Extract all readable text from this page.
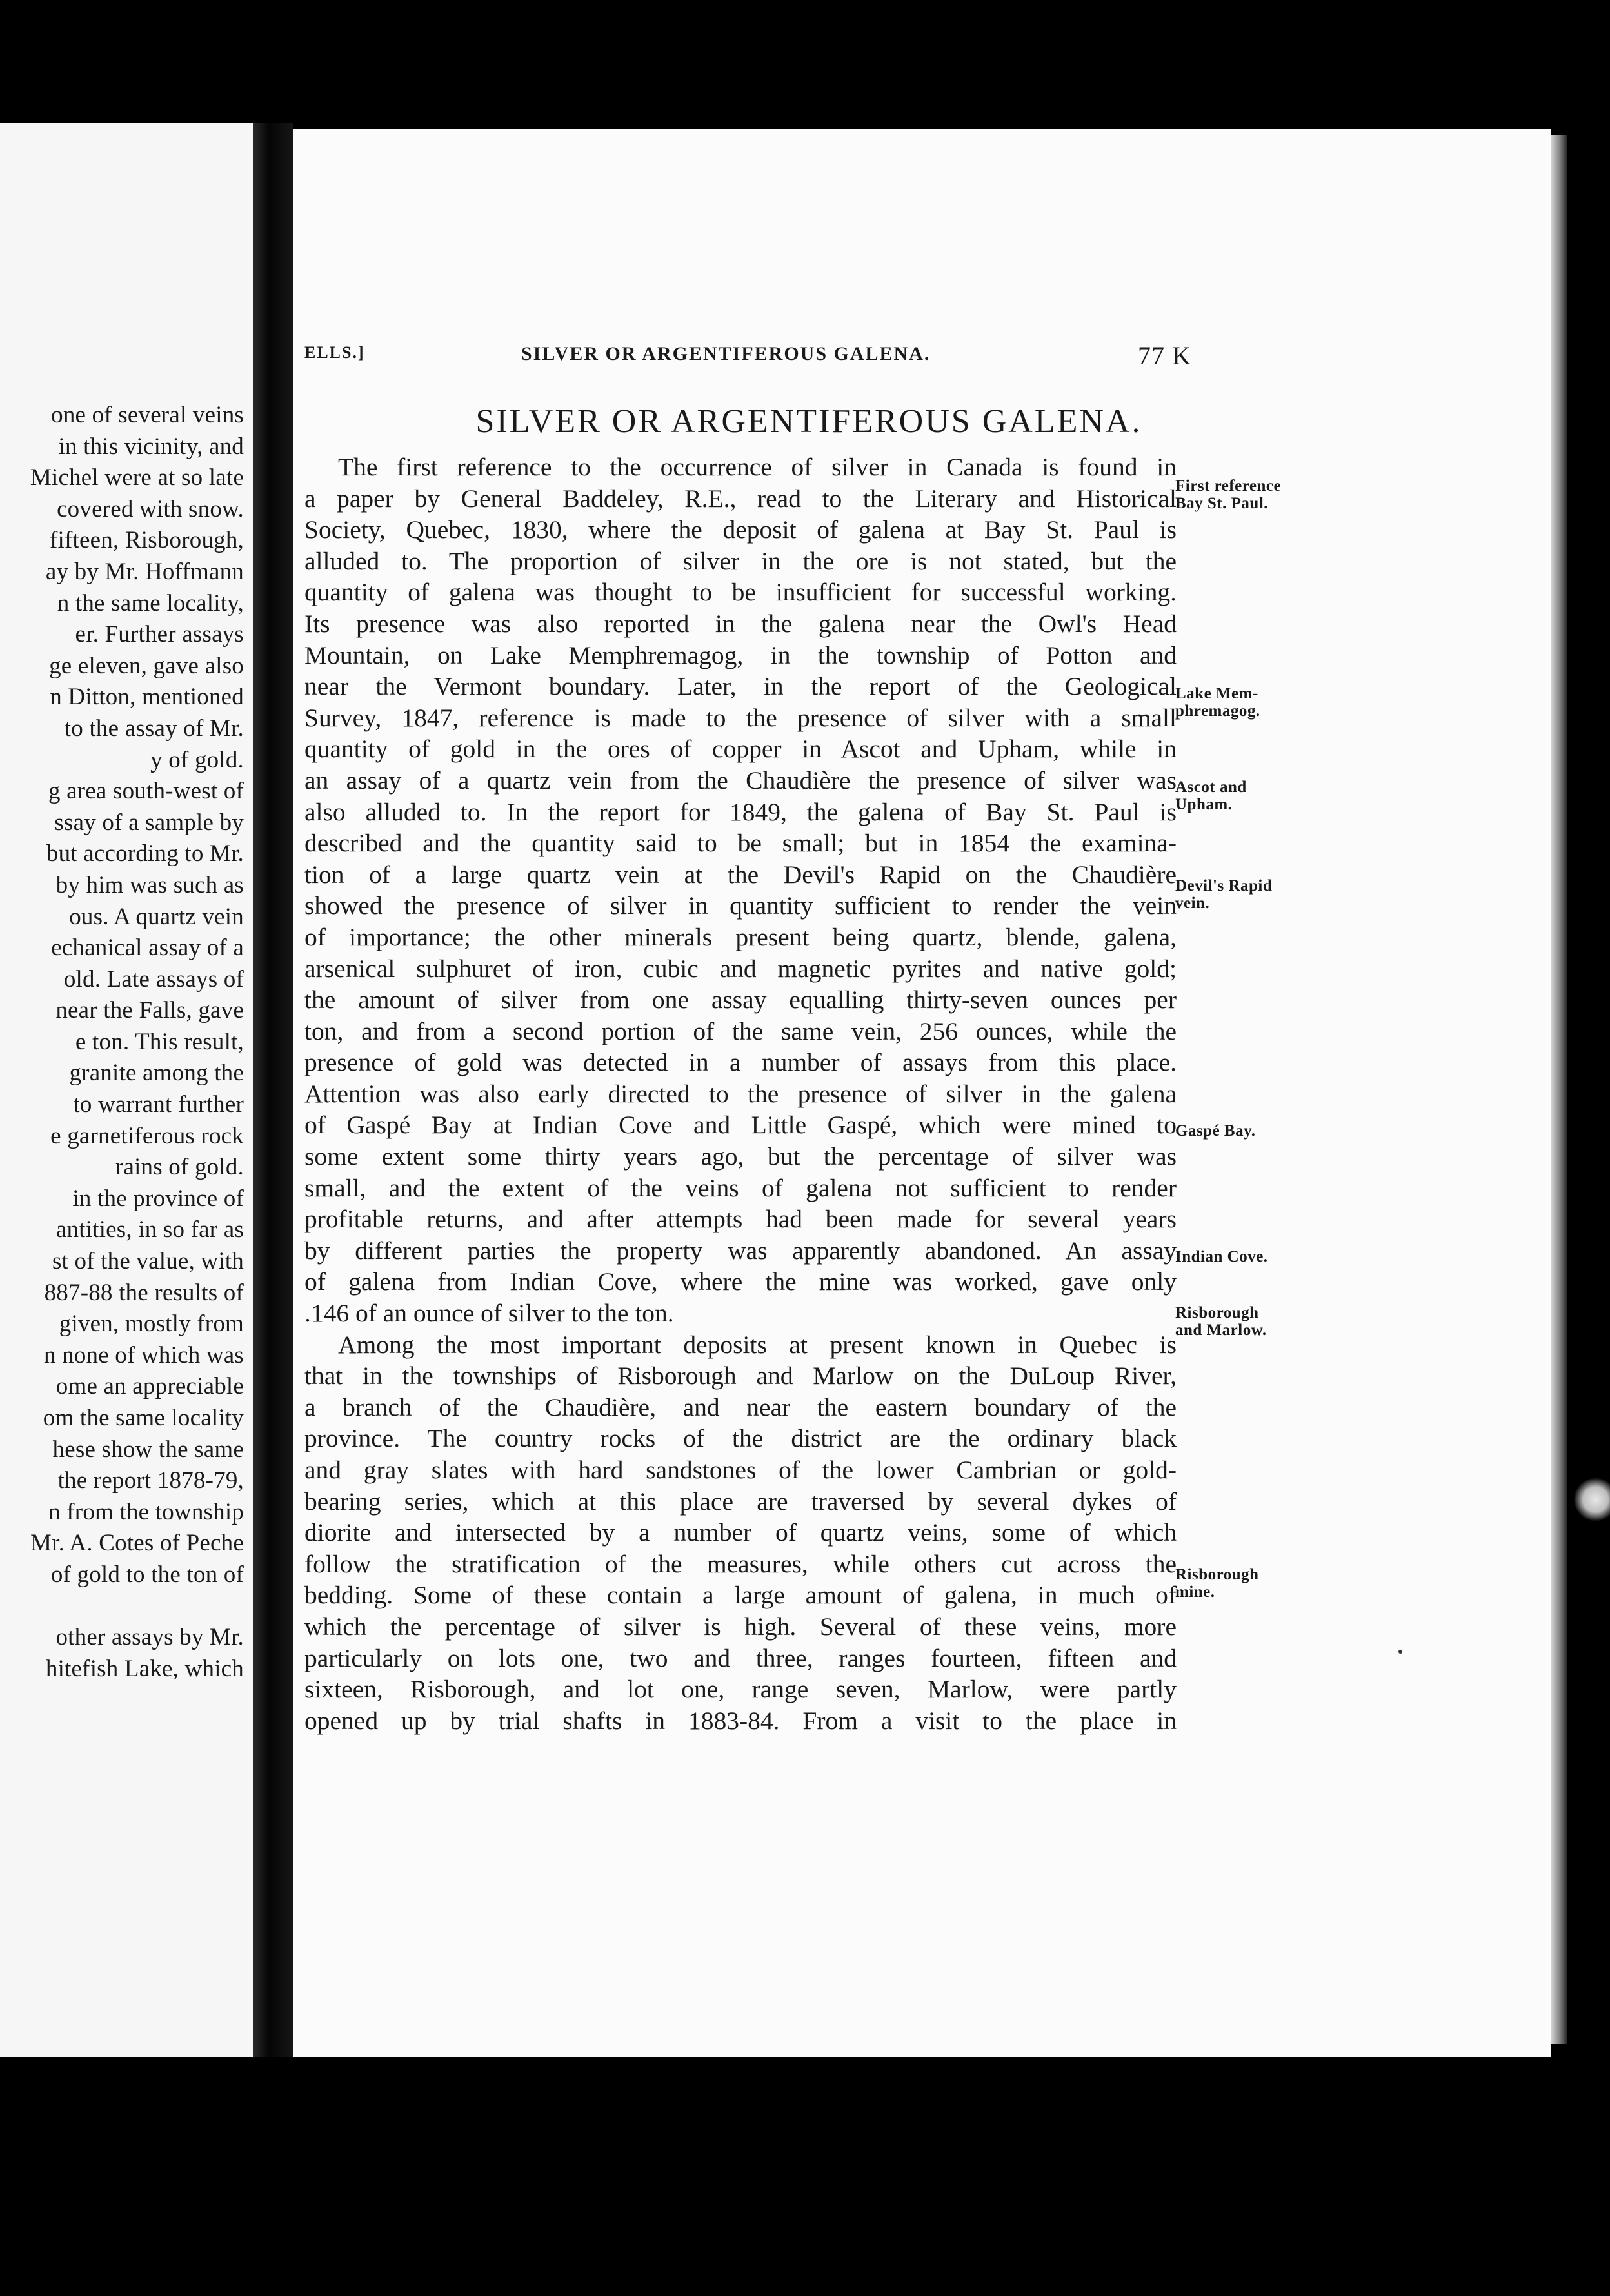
one of several veins
in this vicinity, and
Michel were at so late
covered with snow.
fifteen, Risborough,
ay by Mr. Hoffmann
n the same locality,
er. Further assays
ge eleven, gave also
n Ditton, mentioned
to the assay of Mr.
y of gold.
g area south-west of
ssay of a sample by
but according to Mr.
by him was such as
ous. A quartz vein
echanical assay of a
old. Late assays of
near the Falls, gave
e ton. This result,
granite among the
to warrant further
e garnetiferous rock
rains of gold.
in the province of
antities, in so far as
st of the value, with
887-88 the results of
given, mostly from
n none of which was
ome an appreciable
om the same locality
hese show the same
the report 1878-79,
n from the township
Mr. A. Cotes of Peche
of gold to the ton of
other assays by Mr.
hitefish Lake, which
ELLS.]	SILVER OR ARGENTIFEROUS GALENA.	77 K
SILVER OR ARGENTIFEROUS GALENA.
The first reference to the occurrence of silver in Canada is found in
a paper by General Baddeley, R.E., read to the Literary and Historical
Society, Quebec, 1830, where the deposit of galena at Bay St. Paul is
alluded to. The proportion of silver in the ore is not stated, but the
quantity of galena was thought to be insufficient for successful working.
Its presence was also reported in the galena near the Owl's Head
Mountain, on Lake Memphremagog, in the township of Potton and
near the Vermont boundary. Later, in the report of the Geological
Survey, 1847, reference is made to the presence of silver with a small
quantity of gold in the ores of copper in Ascot and Upham, while in
an assay of a quartz vein from the Chaudière the presence of silver was
also alluded to. In the report for 1849, the galena of Bay St. Paul is
described and the quantity said to be small; but in 1854 the examina-
tion of a large quartz vein at the Devil's Rapid on the Chaudière
showed the presence of silver in quantity sufficient to render the vein
of importance; the other minerals present being quartz, blende, galena,
arsenical sulphuret of iron, cubic and magnetic pyrites and native gold;
the amount of silver from one assay equalling thirty-seven ounces per
ton, and from a second portion of the same vein, 256 ounces, while the
presence of gold was detected in a number of assays from this place.
Attention was also early directed to the presence of silver in the galena
of Gaspé Bay at Indian Cove and Little Gaspé, which were mined to
some extent some thirty years ago, but the percentage of silver was
small, and the extent of the veins of galena not sufficient to render
profitable returns, and after attempts had been made for several years
by different parties the property was apparently abandoned. An assay
of galena from Indian Cove, where the mine was worked, gave only
.146 of an ounce of silver to the ton.
Among the most important deposits at present known in Quebec is
that in the townships of Risborough and Marlow on the DuLoup River,
a branch of the Chaudière, and near the eastern boundary of the
province. The country rocks of the district are the ordinary black
and gray slates with hard sandstones of the lower Cambrian or gold-
bearing series, which at this place are traversed by several dykes of
diorite and intersected by a number of quartz veins, some of which
follow the stratification of the measures, while others cut across the
bedding. Some of these contain a large amount of galena, in much of
which the percentage of silver is high. Several of these veins, more
particularly on lots one, two and three, ranges fourteen, fifteen and
sixteen, Risborough, and lot one, range seven, Marlow, were partly
opened up by trial shafts in 1883-84. From a visit to the place in
First reference
Bay St. Paul.
Lake Mem-
phremagog.
Ascot and
Upham.
Devil's Rapid
vein.
Gaspé Bay.
Indian Cove.
Risborough
and Marlow.
Risborough
mine.
